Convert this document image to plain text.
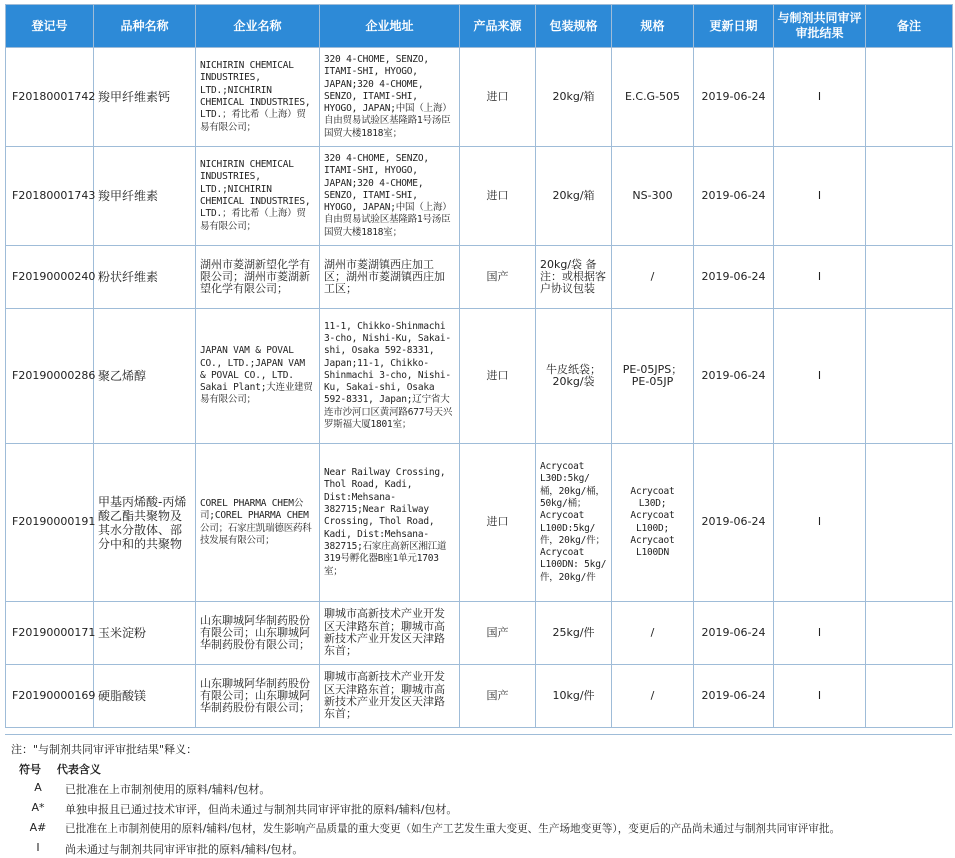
登记号	品种名称	企业名称	企业地址	产品来源	包装规格	规格	更新日期	与制剂共同审评审批结果	备注
F20180001742	羧甲纤维素钙	NICHIRIN CHEMICAL INDUSTRIES, LTD.;NICHIRIN CHEMICAL INDUSTRIES, LTD.；肴比希（上海）贸易有限公司；	320 4-CHOME, SENZO, ITAMI-SHI, HYOGO, JAPAN;320 4-CHOME, SENZO, ITAMI-SHI, HYOGO, JAPAN;中国（上海）自由贸易试验区基隆路1号汤臣国贸大楼1818室；	进口	20kg/箱	E.C.G-505	2019-06-24	I	
F20180001743	羧甲纤维素	NICHIRIN CHEMICAL INDUSTRIES, LTD.;NICHIRIN CHEMICAL INDUSTRIES, LTD.；肴比希（上海）贸易有限公司；	320 4-CHOME, SENZO, ITAMI-SHI, HYOGO, JAPAN;320 4-CHOME, SENZO, ITAMI-SHI, HYOGO, JAPAN;中国（上海）自由贸易试验区基隆路1号汤臣国贸大楼1818室；	进口	20kg/箱	NS-300	2019-06-24	I	
F20190000240	粉状纤维素	湖州市菱湖新望化学有限公司；湖州市菱湖新望化学有限公司；	湖州市菱湖镇西庄加工区；湖州市菱湖镇西庄加工区；	国产	20kg/袋 备注：或根据客户协议包装	/	2019-06-24	I	
F20190000286	聚乙烯醇	JAPAN VAM & POVAL CO., LTD.;JAPAN VAM & POVAL CO., LTD. Sakai Plant;大连业建贸易有限公司；	11-1, Chikko-Shinmachi 3-cho, Nishi-Ku, Sakai-shi, Osaka 592-8331, Japan;11-1, Chikko-Shinmachi 3-cho, Nishi-Ku, Sakai-shi, Osaka 592-8331, Japan;辽宁省大连市沙河口区黄河路677号天兴罗斯福大厦1801室；	进口	牛皮纸袋；20kg/袋	PE-05JPS；PE-05JP	2019-06-24	I	
F20190000191	甲基丙烯酸-丙烯酸乙酯共聚物及其水分散体、部分中和的共聚物	COREL PHARMA CHEM公司;COREL PHARMA CHEM公司；石家庄凯瑞德医药科技发展有限公司；	Near Railway Crossing, Thol Road, Kadi, Dist:Mehsana-382715;Near Railway Crossing, Thol Road, Kadi, Dist:Mehsana-382715;石家庄高新区湘江道319号孵化器B座1单元1703室；	进口	Acrycoat L30D:5kg/桶，20kg/桶，50kg/桶；Acrycoat L100D:5kg/件，20kg/件；Acrycoat L100DN: 5kg/件，20kg/件	Acrycoat L30D; Acrycoat L100D; Acrycaot L100DN	2019-06-24	I	
F20190000171	玉米淀粉	山东聊城阿华制药股份有限公司；山东聊城阿华制药股份有限公司；	聊城市高新技术产业开发区天津路东首；聊城市高新技术产业开发区天津路东首；	国产	25kg/件	/	2019-06-24	I	
F20190000169	硬脂酸镁	山东聊城阿华制药股份有限公司；山东聊城阿华制药股份有限公司；	聊城市高新技术产业开发区天津路东首；聊城市高新技术产业开发区天津路东首；	国产	10kg/件	/	2019-06-24	I	
注："与制剂共同审评审批结果"释义：
符号 代表含义
A	已批准在上市制剂使用的原料/辅料/包材。
A*	单独申报且已通过技术审评，但尚未通过与制剂共同审评审批的原料/辅料/包材。
A#	已批准在上市制剂使用的原料/辅料/包材，发生影响产品质量的重大变更（如生产工艺发生重大变更、生产场地变更等），变更后的产品尚未通过与制剂共同审评审批。
I	尚未通过与制剂共同审评审批的原料/辅料/包材。
